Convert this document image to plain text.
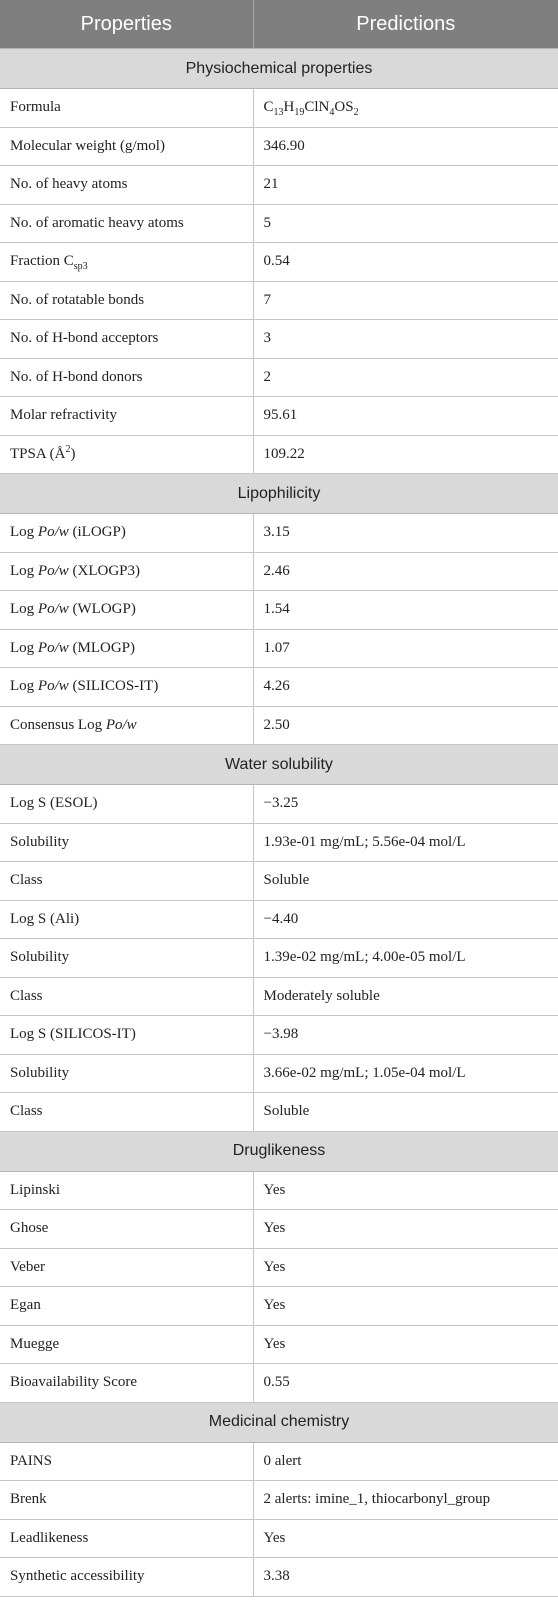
Properties	Predictions
Physiochemical properties	
Formula	$C_{13}H_{19}ClN_4OS_2$
Molecular weight (g/mol)	346.90
No. of heavy atoms	21
No. of aromatic heavy atoms	5
Fraction $C_{sp3}$	0.54
No. of rotatable bonds	7
No. of H-bond acceptors	3
No. of H-bond donors	2
Molar refractivity	95.61
TPSA $(Å^2)$	109.22
Lipophilicity	
Log Po/w (iLOGP)	3.15
Log Po/w (XLOGP3)	2.46
Log Po/w (WLOGP)	1.54
Log Po/w (MLOGP)	1.07
Log Po/w (SILICOS-IT)	4.26
Consensus Log Po/w	2.50
Water solubility	
Log S (ESOL)	−3.25
Solubility	1.93e-01 mg/mL; 5.56e-04 mol/L
Class	Soluble
Log S (Ali)	−4.40
Solubility	1.39e-02 mg/mL; 4.00e-05 mol/L
Class	Moderately soluble
Log S (SILICOS-IT)	−3.98
Solubility	3.66e-02 mg/mL; 1.05e-04 mol/L
Class	Soluble
Druglikeness	
Lipinski	Yes
Ghose	Yes
Veber	Yes
Egan	Yes
Muegge	Yes
Bioavailability Score	0.55
Medicinal chemistry	
PAINS	0 alert
Brenk	2 alerts: imine_1, thiocarbonyl_group
Leadlikeness	Yes
Synthetic accessibility	3.38
